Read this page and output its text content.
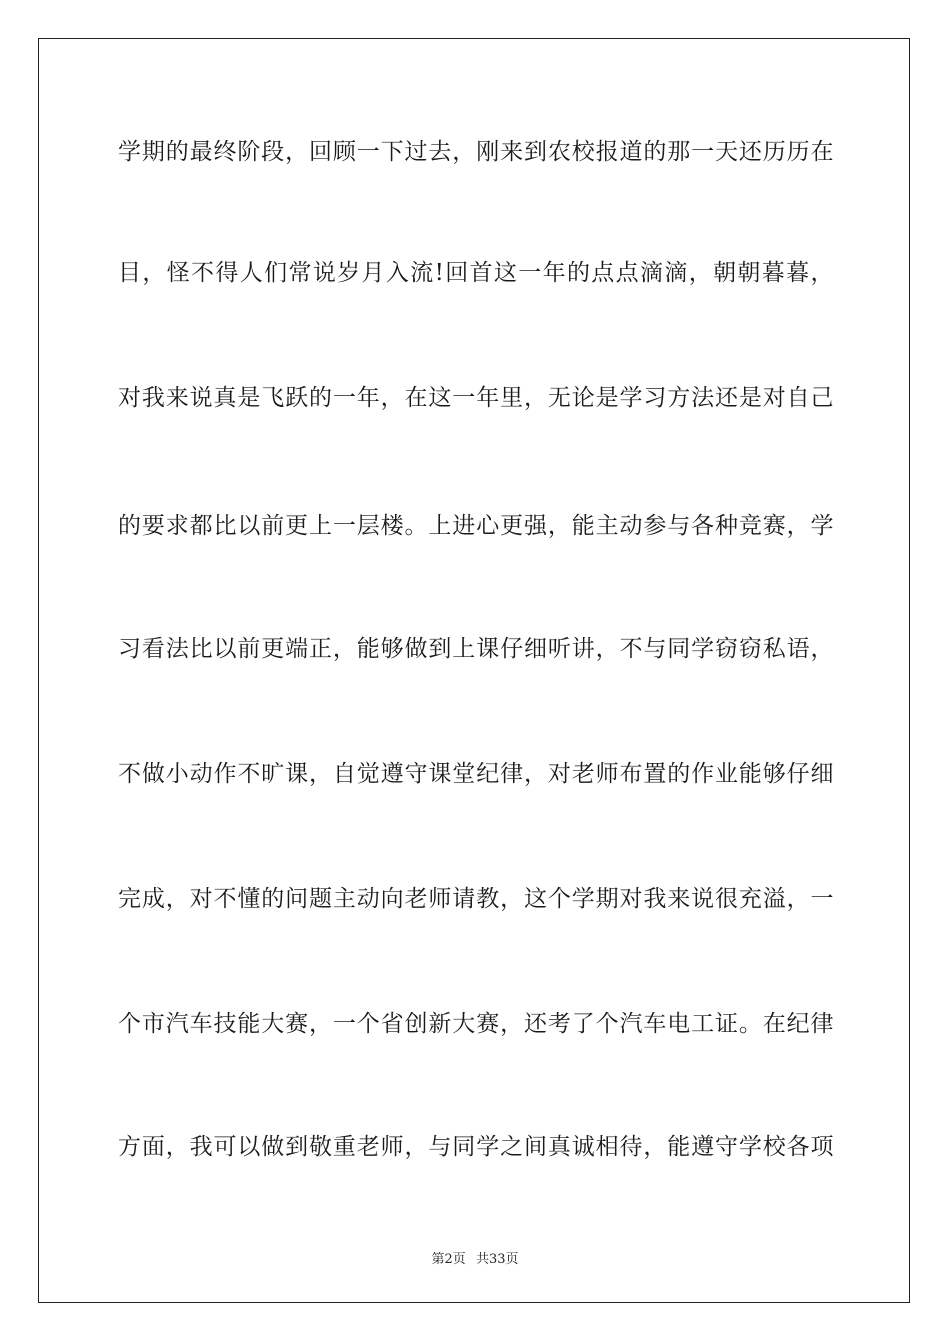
学期的最终阶段，回顾一下过去，刚来到农校报道的那一天还历历在
目，怪不得人们常说岁月入流!回首这一年的点点滴滴，朝朝暮暮，
对我来说真是飞跃的一年，在这一年里，无论是学习方法还是对自己
的要求都比以前更上一层楼。上进心更强，能主动参与各种竞赛，学
习看法比以前更端正，能够做到上课仔细听讲，不与同学窃窃私语，
不做小动作不旷课，自觉遵守课堂纪律，对老师布置的作业能够仔细
完成，对不懂的问题主动向老师请教，这个学期对我来说很充溢，一
个市汽车技能大赛，一个省创新大赛，还考了个汽车电工证。在纪律
方面，我可以做到敬重老师，与同学之间真诚相待，能遵守学校各项
第2页 共33页
